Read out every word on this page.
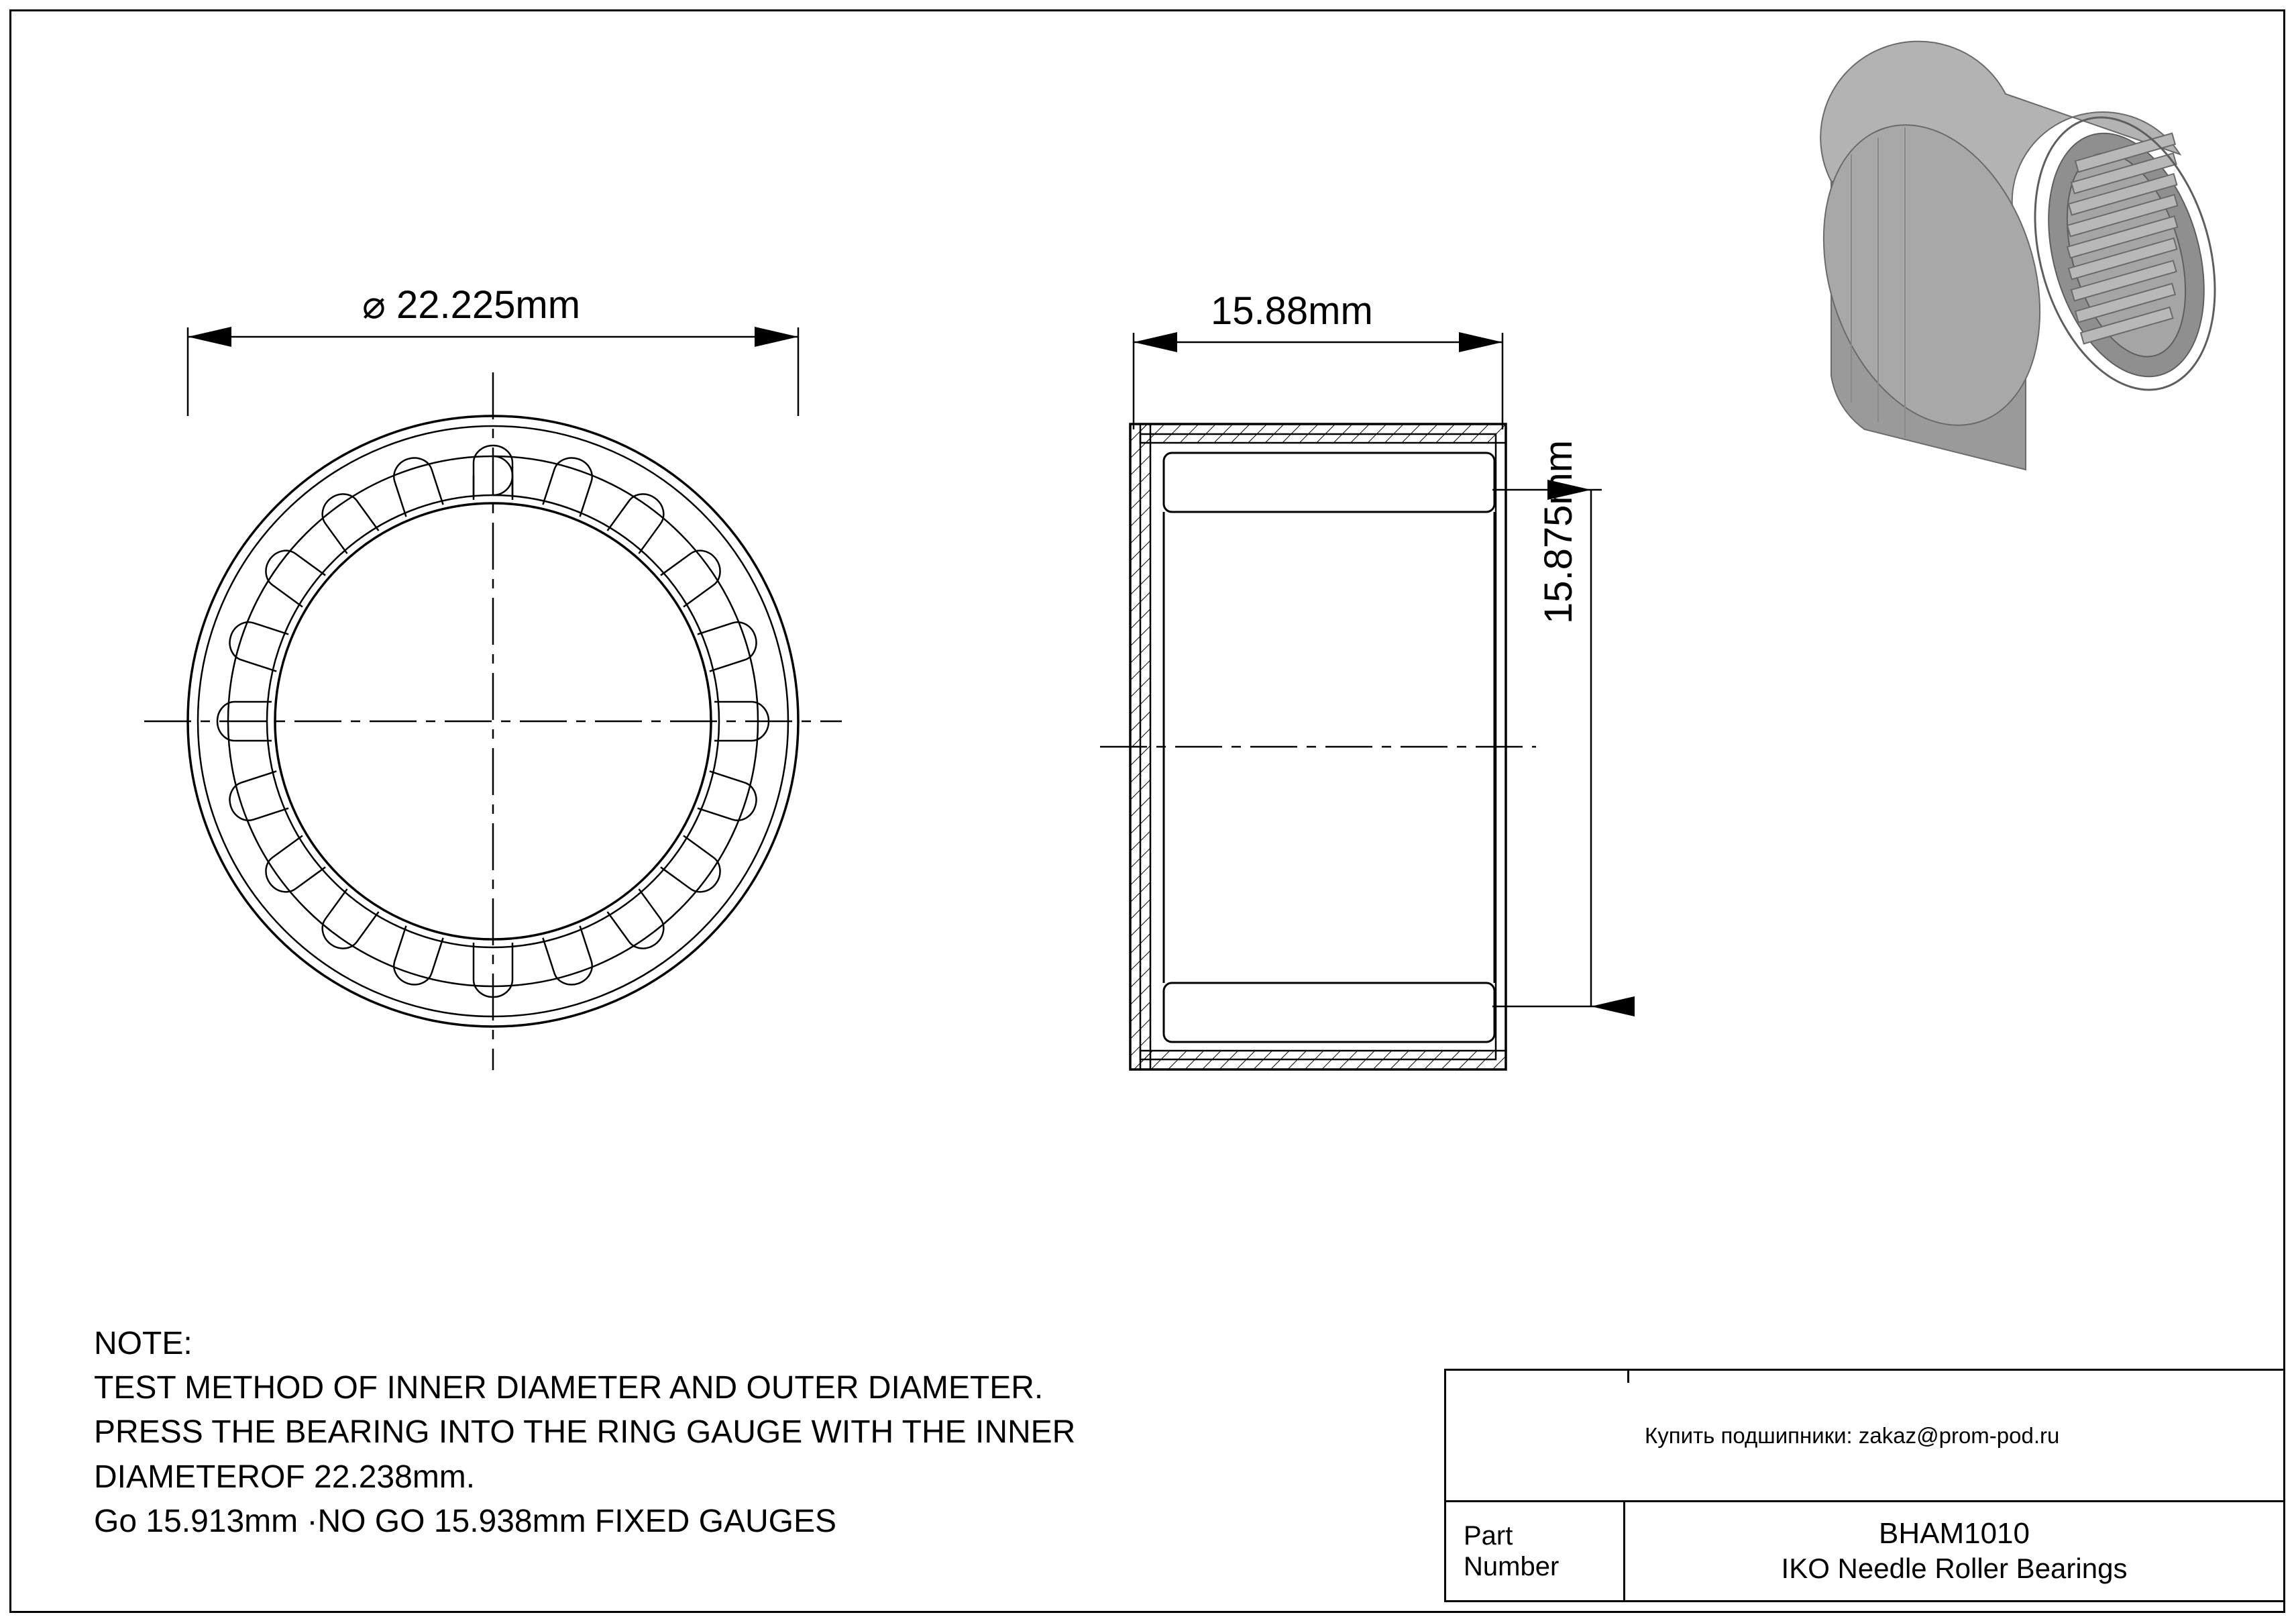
⌀ 22.225mm	15.88mm
15.875mm
NOTE:
TEST METHOD OF INNER DIAMETER AND OUTER DIAMETER.
PRESS THE BEARING INTO THE RING GAUGE WITH THE INNER
DIAMETEROF 22.238mm.
Go 15.913mm ·NO GO 15.938mm FIXED GAUGES
Купить подшипники: zakaz@prom-pod.ru
Part
Number
BHAM1010
IKO Needle Roller Bearings
